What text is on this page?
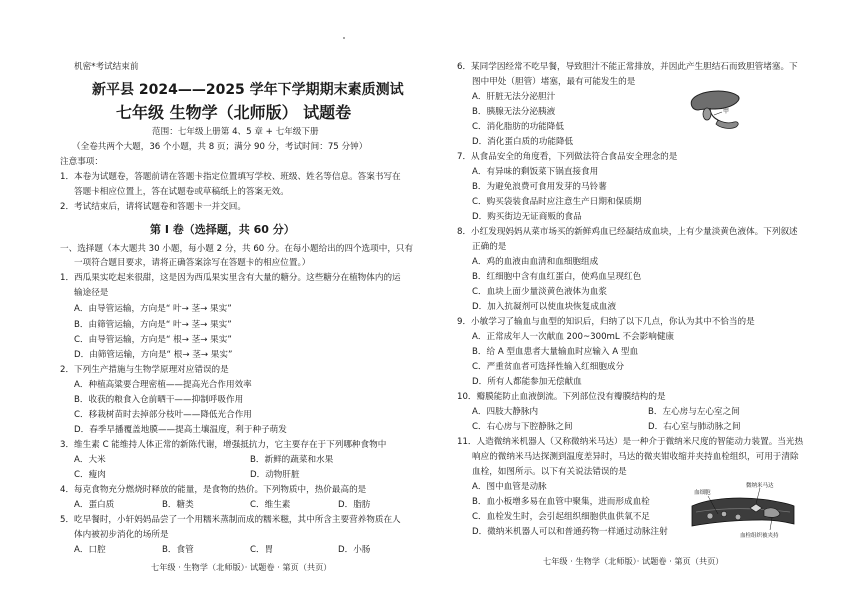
机密*考试结束前
新平县 2024——2025 学年下学期期末素质测试
七年级 生物学（北师版） 试题卷
范围：七年级上册第 4、5 章 + 七年级下册
（全卷共两个大题，36 个小题，共 8 页；满分 90 分，考试时间：75 分钟）
注意事项：
1．本卷为试题卷，答题前请在答题卡指定位置填写学校、班级、姓名等信息。答案书写在
答题卡相应位置上，答在试题卷或草稿纸上的答案无效。
2．考试结束后，请将试题卷和答题卡一并交回。
第 Ⅰ 卷（选择题，共 60 分）
一、选择题（本大题共 30 小题，每小题 2 分，共 60 分。在每小题给出的四个选项中，只有
一项符合题目要求，请将正确答案涂写在答题卡的相应位置。）
1．西瓜果实吃起来很甜，这是因为西瓜果实里含有大量的糖分。这些糖分在植物体内的运
输途径是
A．由导管运输，方向是“ 叶→ 茎→ 果实”
B．由筛管运输，方向是“ 叶→ 茎→ 果实”
C．由导管运输，方向是“ 根→ 茎→ 果实”
D．由筛管运输，方向是“ 根→ 茎→ 果实”
2．下列生产措施与生物学原理对应错误的是
A．种植高粱要合理密植——提高光合作用效率
B．收获的粮食入仓前晒干——抑制呼吸作用
C．移栽树苗时去掉部分枝叶——降低光合作用
D．春季早播覆盖地膜——提高土壤温度，利于种子萌发
3．维生素 C 能维持人体正常的新陈代谢，增强抵抗力，它主要存在于下列哪种食物中
A．大米	B．新鲜的蔬菜和水果
C．瘦肉	D．动物肝脏
4．每克食物充分燃烧时释放的能量，是食物的热价。下列物质中，热价最高的是
A．蛋白质	B．糖类	C．维生素	D．脂肪
5．吃早餐时，小轩妈妈品尝了一个用糯米蒸制而成的糯米糍，其中所含主要营养物质在人
体内被初步消化的场所是
A．口腔	B．食管	C．胃	D．小肠
七年级 · 生物学（北师版）· 试题卷 · 第页（共页）
6．某同学因经常不吃早餐，导致胆汁不能正常排放，并因此产生胆结石而致胆管堵塞。下
图中甲处（胆管）堵塞，最有可能发生的是
A．肝脏无法分泌胆汁
B．胰腺无法分泌胰液
C．消化脂肪的功能降低
D．消化蛋白质的功能降低
甲
7．从食品安全的角度看，下列做法符合食品安全理念的是
A．有异味的剩饭菜下锅直接食用
B．为避免浪费可食用发芽的马铃薯
C．购买袋装食品时应注意生产日期和保质期
D．购买街边无证商贩的食品
8．小红发现妈妈从菜市场买的新鲜鸡血已经凝结成血块，上有少量淡黄色液体。下列叙述
正确的是
A．鸡的血液由血清和血细胞组成
B．红细胞中含有血红蛋白，使鸡血呈现红色
C．血块上面少量淡黄色液体为血浆
D．加入抗凝剂可以使血块恢复成血液
9．小敏学习了输血与血型的知识后，归纳了以下几点，你认为其中不恰当的是
A．正常成年人一次献血 200~300mL 不会影响健康
B．给 A 型血患者大量输血时应输入 A 型血
C．严重贫血者可选择性输入红细胞成分
D．所有人都能参加无偿献血
10．瓣膜能防止血液倒流。下列部位没有瓣膜结构的是
A．四肢大静脉内	B．左心房与左心室之间
C．右心房与下腔静脉之间	D．右心室与肺动脉之间
11．人造微纳米机器人（又称微纳米马达）是一种介于微纳米尺度的智能动力装置。当光热
响应的微纳米马达探测到温度差异时，马达的微夹钳收缩并夹持血栓组织，可用于清除
血栓，如图所示。以下有关说法错误的是
A．图中血管是动脉
B．血小板增多易在血管中聚集，进而形成血栓
C．血栓发生时，会引起组织细胞供血供氧不足
D．微纳米机器人可以和普通药物一样通过动脉注射
微纳米马达
血细胞
血栓组织被夹持
七年级 · 生物学（北师版）· 试题卷 · 第页（共页）
